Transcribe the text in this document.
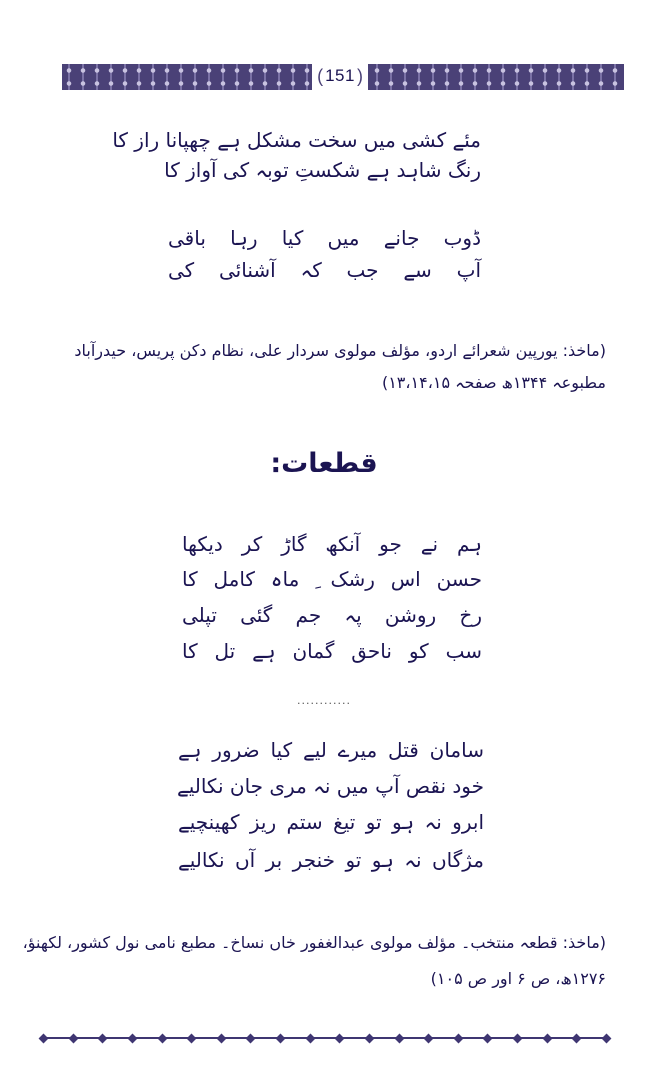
( 151 )
مئے کشی میں سخت مشکل ہے چھپانا راز کا
رنگ شاہد ہے شکستِ توبہ کی آواز کا
ڈوب جانے میں کیا رہا باقی
آپ سے جب کہ آشنائی کی
(ماخذ: یورپین شعرائے اردو، مؤلف مولوی سردار علی، نظام دکن پریس، حیدرآباد
مطبوعہ ۱۳۴۴ھ صفحہ ۱۳،۱۴،۱۵)
قطعات:
ہم نے جو آنکھ گاڑ کر دیکھا
حسن اس رشک ِ ماہ کامل کا
رخ روشن پہ جم گئی تپلی
سب کو ناحق گمان ہے تل کا
............
سامان قتل میرے لیے کیا ضرور ہے
خود نقص آپ میں نہ مری جان نکالیے
ابرو نہ ہو تو تیغ ستم ریز کھینچیے
مژگاں نہ ہو تو خنجر بر آں نکالیے
(ماخذ: قطعہ منتخب۔ مؤلف مولوی عبدالغفور خاں نساخ۔ مطبع نامی نول کشور، لکھنؤ،
۱۲۷۶ھ، ص ۶ اور ص ۱۰۵)
